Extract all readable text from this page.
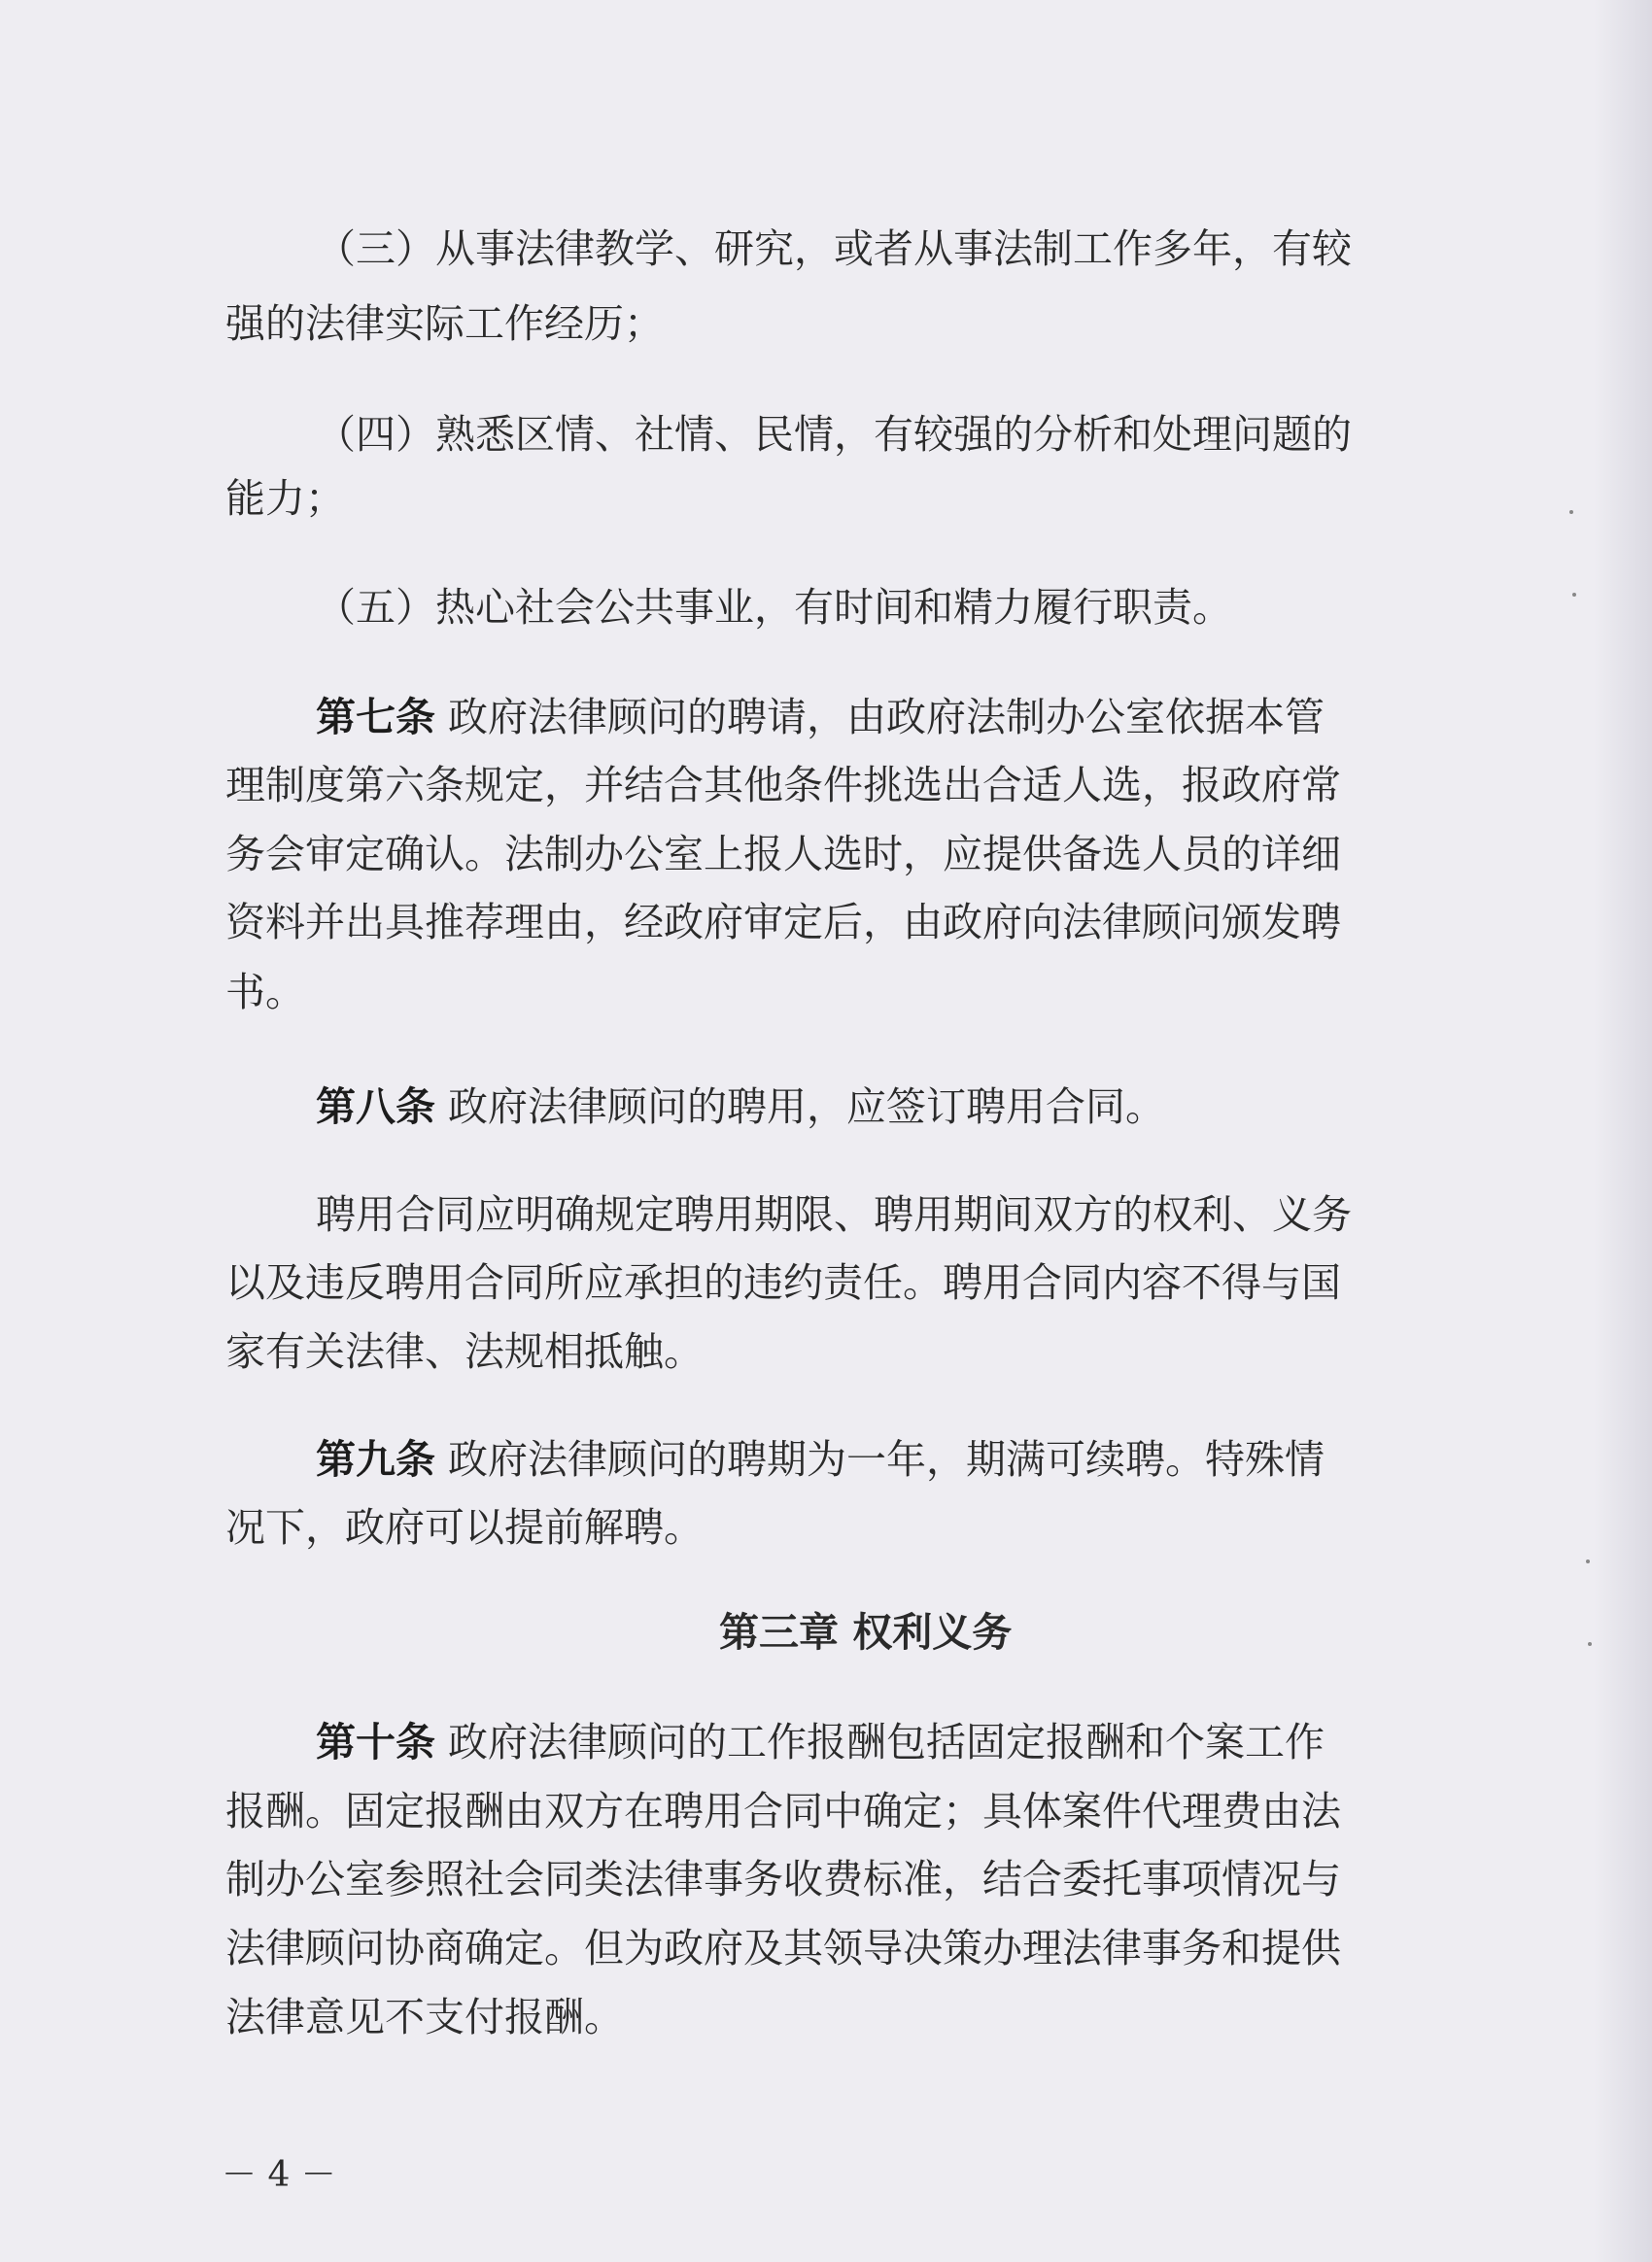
（三）从事法律教学、研究，或者从事法制工作多年，有较
强的法律实际工作经历；
（四）熟悉区情、社情、民情，有较强的分析和处理问题的
能力；
（五）热心社会公共事业，有时间和精力履行职责。
第七条 政府法律顾问的聘请，由政府法制办公室依据本管
理制度第六条规定，并结合其他条件挑选出合适人选，报政府常
务会审定确认。法制办公室上报人选时，应提供备选人员的详细
资料并出具推荐理由，经政府审定后，由政府向法律顾问颁发聘
书。
第八条 政府法律顾问的聘用，应签订聘用合同。
聘用合同应明确规定聘用期限、聘用期间双方的权利、义务
以及违反聘用合同所应承担的违约责任。聘用合同内容不得与国
家有关法律、法规相抵触。
第九条 政府法律顾问的聘期为一年，期满可续聘。特殊情
况下，政府可以提前解聘。
第三章 权利义务
第十条 政府法律顾问的工作报酬包括固定报酬和个案工作
报酬。固定报酬由双方在聘用合同中确定；具体案件代理费由法
制办公室参照社会同类法律事务收费标准，结合委托事项情况与
法律顾问协商确定。但为政府及其领导决策办理法律事务和提供
法律意见不支付报酬。
－ 4 －
